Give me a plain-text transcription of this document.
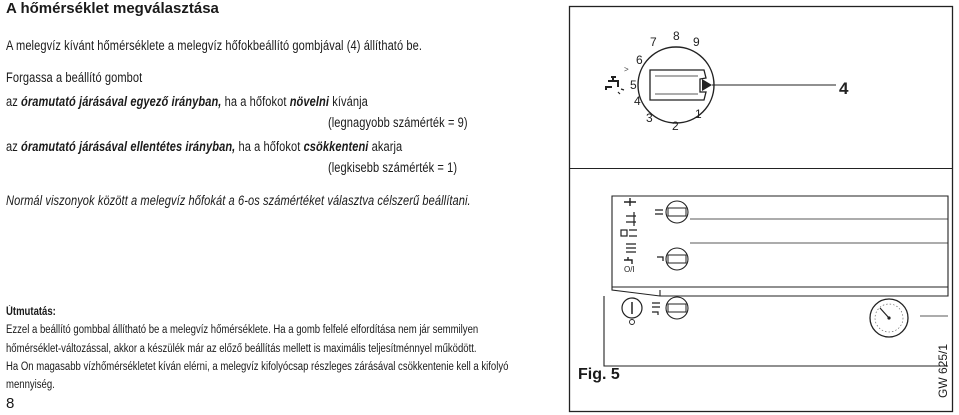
A hőmérséklet megválasztása
A melegvíz kívánt hőmérséklete a melegvíz hőfokbeállító gombjával (4) állítható be.
Forgassa a beállító gombot
az óramutató járásával egyező irányban, ha a hőfokot növelni kívánja
(legnagyobb számérték = 9)
az óramutató járásával ellentétes irányban, ha a hőfokot csökkenteni akarja
(legkisebb számérték = 1)
Normál viszonyok között a melegvíz hőfokát a 6-os számértéket választva célszerű beállítani.
Útmutatás:
Ezzel a beállító gombbal állítható be a melegvíz hőmérséklete. Ha a gomb felfelé elfordítása nem jár semmilyen
hőmérséklet-változással, akkor a készülék már az előző beállítás mellett is maximális teljesítménnyel működött.
Ha Ön magasabb vízhőmérsékletet kíván elérni, a melegvíz kifolyócsap részleges zárásával csökkentenie kell a kifolyó
mennyiség.
8
>
1
2
3
4
5
6
7 8 9
4
O/I
Fig. 5	GW 625/1
